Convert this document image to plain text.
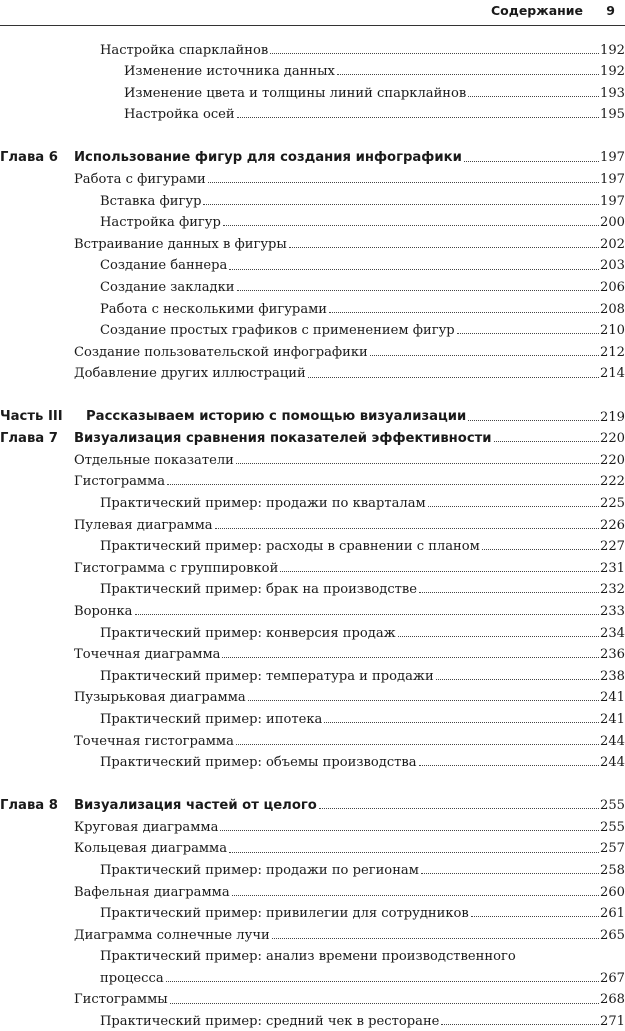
Содержание 9
Настройка спарклайнов	192
Изменение источника данных	192
Изменение цвета и толщины линий спарклайнов	193
Настройка осей	195
Глава 6 Использование фигур для создания инфографики	197
Работа с фигурами	197
Вставка фигур	197
Настройка фигур	200
Встраивание данных в фигуры	202
Создание баннера	203
Создание закладки	206
Работа с несколькими фигурами	208
Создание простых графиков с применением фигур	210
Создание пользовательской инфографики	212
Добавление других иллюстраций	214
Часть III Рассказываем историю с помощью визуализации	219
Глава 7 Визуализация сравнения показателей эффективности	220
Отдельные показатели	220
Гистограмма	222
Практический пример: продажи по кварталам	225
Пулевая диаграмма	226
Практический пример: расходы в сравнении с планом	227
Гистограмма с группировкой	231
Практический пример: брак на производстве	232
Воронка	233
Практический пример: конверсия продаж	234
Точечная диаграмма	236
Практический пример: температура и продажи	238
Пузырьковая диаграмма	241
Практический пример: ипотека	241
Точечная гистограмма	244
Практический пример: объемы производства	244
Глава 8 Визуализация частей от целого	255
Круговая диаграмма	255
Кольцевая диаграмма	257
Практический пример: продажи по регионам	258
Вафельная диаграмма	260
Практический пример: привилегии для сотрудников	261
Диаграмма солнечные лучи	265
Практический пример: анализ времени производственного
процесса	267
Гистограммы	268
Практический пример: средний чек в ресторане	271
